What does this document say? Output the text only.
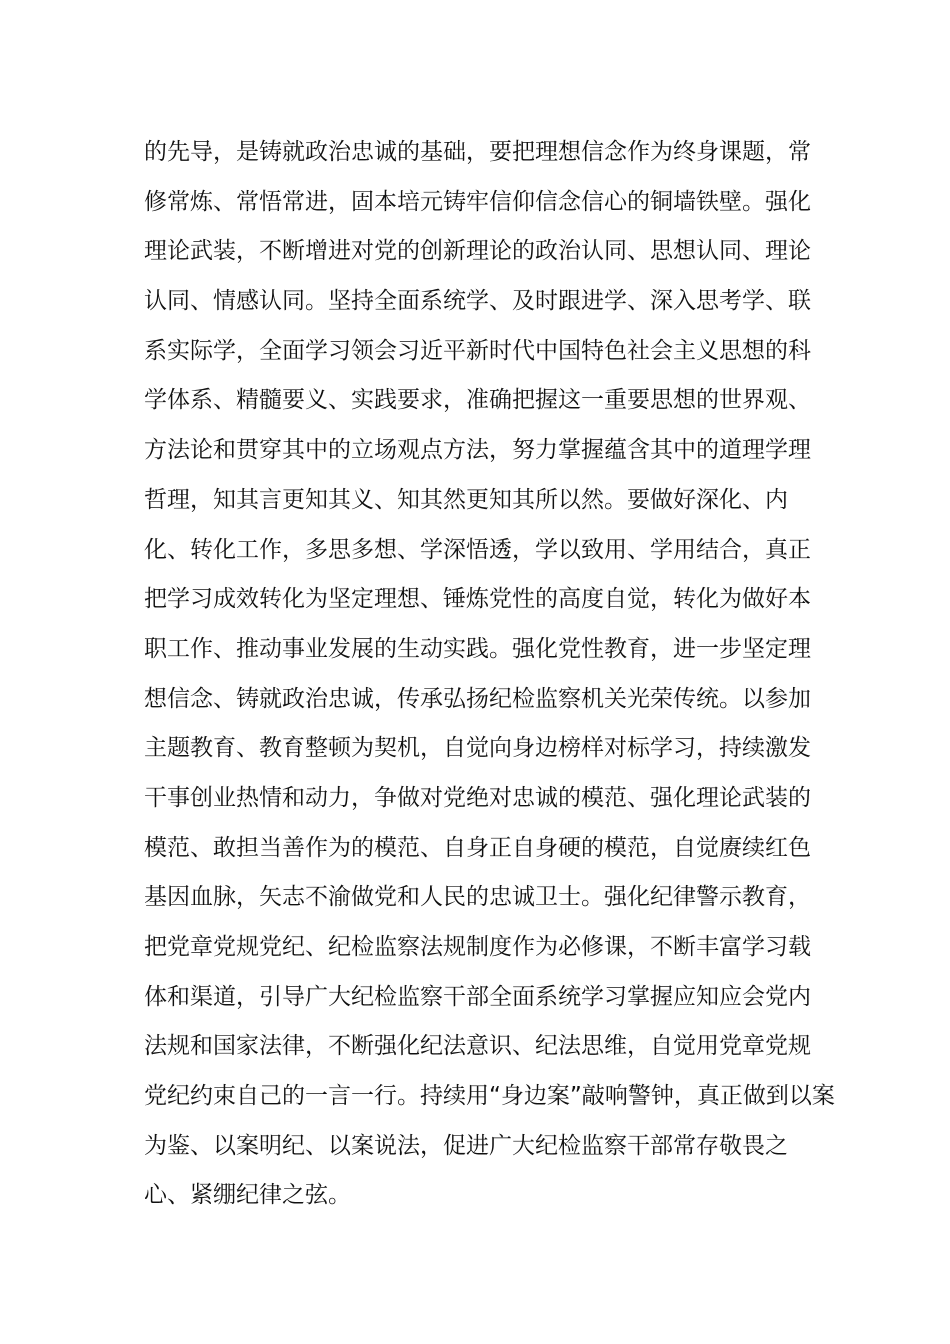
的先导，是铸就政治忠诚的基础，要把理想信念作为终身课题，常
修常炼、常悟常进，固本培元铸牢信仰信念信心的铜墙铁壁。强化
理论武装，不断增进对党的创新理论的政治认同、思想认同、理论
认同、情感认同。坚持全面系统学、及时跟进学、深入思考学、联
系实际学，全面学习领会习近平新时代中国特色社会主义思想的科
学体系、精髓要义、实践要求，准确把握这一重要思想的世界观、
方法论和贯穿其中的立场观点方法，努力掌握蕴含其中的道理学理
哲理，知其言更知其义、知其然更知其所以然。要做好深化、内
化、转化工作，多思多想、学深悟透，学以致用、学用结合，真正
把学习成效转化为坚定理想、锤炼党性的高度自觉，转化为做好本
职工作、推动事业发展的生动实践。强化党性教育，进一步坚定理
想信念、铸就政治忠诚，传承弘扬纪检监察机关光荣传统。以参加
主题教育、教育整顿为契机，自觉向身边榜样对标学习，持续激发
干事创业热情和动力，争做对党绝对忠诚的模范、强化理论武装的
模范、敢担当善作为的模范、自身正自身硬的模范，自觉赓续红色
基因血脉，矢志不渝做党和人民的忠诚卫士。强化纪律警示教育，
把党章党规党纪、纪检监察法规制度作为必修课，不断丰富学习载
体和渠道，引导广大纪检监察干部全面系统学习掌握应知应会党内
法规和国家法律，不断强化纪法意识、纪法思维，自觉用党章党规
党纪约束自己的一言一行。持续用“身边案”敲响警钟，真正做到以案
为鉴、以案明纪、以案说法，促进广大纪检监察干部常存敬畏之
心、紧绷纪律之弦。
